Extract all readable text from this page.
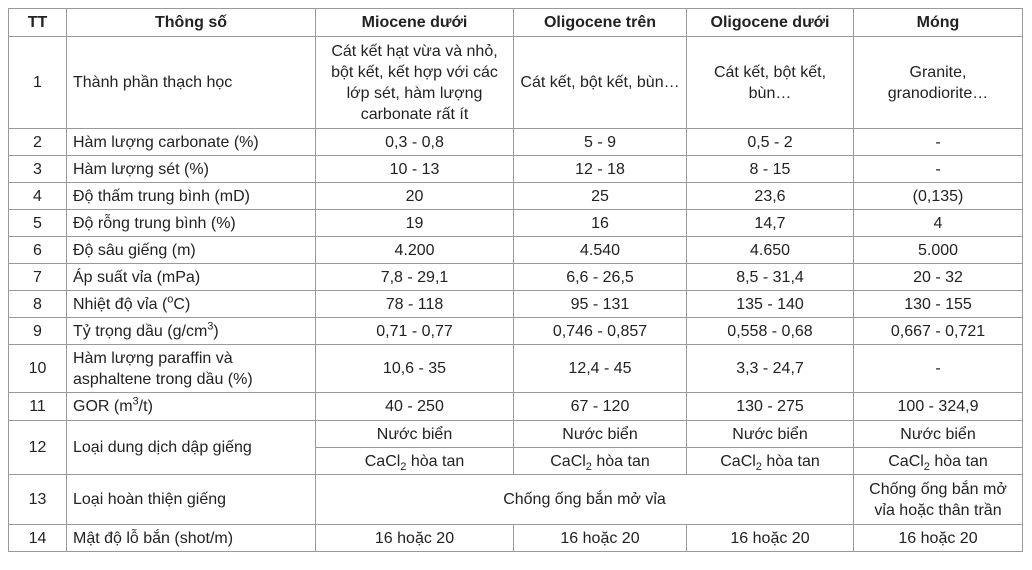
TT	Thông số	Miocene dưới	Oligocene trên	Oligocene dưới	Móng
1	Thành phần thạch học	Cát kết hạt vừa và nhỏ, bột kết, kết hợp với các lớp sét, hàm lượng carbonate rất ít	Cát kết, bột kết, bùn…	Cát kết, bột kết, bùn…	Granite, granodiorite…
2	Hàm lượng carbonate (%)	0,3 - 0,8	5 - 9	0,5 - 2	-
3	Hàm lượng sét (%)	10 - 13	12 - 18	8 - 15	-
4	Độ thấm trung bình (mD)	20	25	23,6	(0,135)
5	Độ rỗng trung bình (%)	19	16	14,7	4
6	Độ sâu giếng (m)	4.200	4.540	4.650	5.000
7	Áp suất vỉa (mPa)	7,8 - 29,1	6,6 - 26,5	8,5 - 31,4	20 - 32
8	Nhiệt độ vỉa ($^o$C)	78 - 118	95 - 131	135 - 140	130 - 155
9	Tỷ trọng dầu $(g/cm^3)$	0,71 - 0,77	0,746 - 0,857	0,558 - 0,68	0,667 - 0,721
10	Hàm lượng paraffin và asphaltene trong dầu (%)	10,6 - 35	12,4 - 45	3,3 - 24,7	-
11	GOR $(m^3/t)$	40 - 250	67 - 120	130 - 275	100 - 324,9
12	Loại dung dịch dập giếng	Nước biển	Nước biển	Nước biển	Nước biển
		CaCl$_2$ hòa tan	CaCl$_2$ hòa tan	CaCl$_2$ hòa tan	CaCl$_2$ hòa tan
13	Loại hoàn thiện giếng	Chống ống bắn mở vỉa			Chống ống bắn mở vỉa hoặc thân trần
14	Mật độ lỗ bắn (shot/m)	16 hoặc 20	16 hoặc 20	16 hoặc 20	16 hoặc 20
